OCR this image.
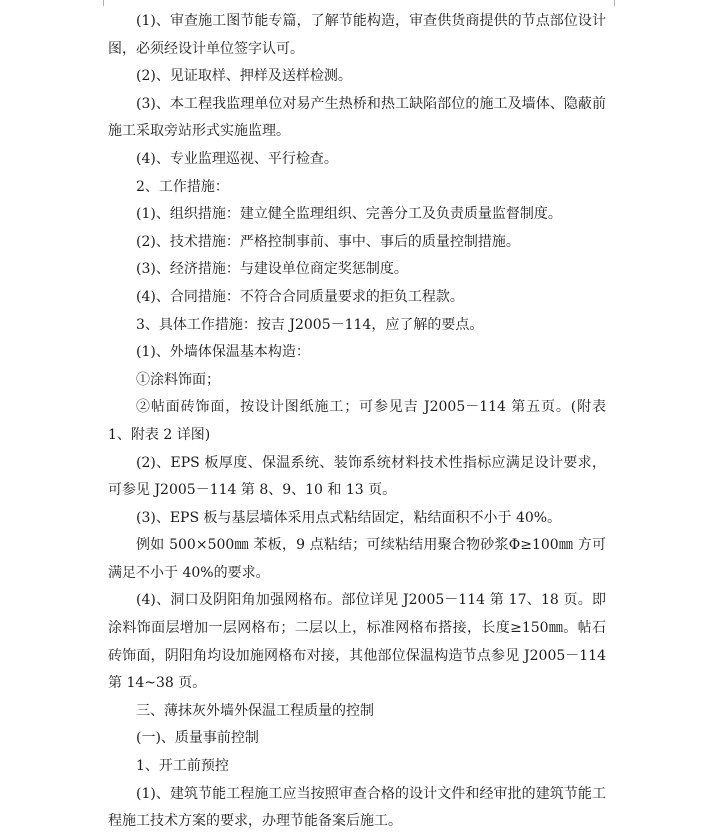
(1)、审查施工图节能专篇，了解节能构造，审查供货商提供的节点部位设计图，必须经设计单位签字认可。

(2)、见证取样、押样及送样检测。

(3)、本工程我监理单位对易产生热桥和热工缺陷部位的施工及墙体、隐蔽前施工采取旁站形式实施监理。

(4)、专业监理巡视、平行检查。

2、工作措施：

(1)、组织措施：建立健全监理组织、完善分工及负责质量监督制度。

(2)、技术措施：严格控制事前、事中、事后的质量控制措施。

(3)、经济措施：与建设单位商定奖惩制度。

(4)、合同措施：不符合合同质量要求的拒负工程款。

3、具体工作措施：按吉 J2005－114，应了解的要点。

(1)、外墙体保温基本构造：

①涂料饰面；

②帖面砖饰面，按设计图纸施工；可参见吉 J2005－114 第五页。(附表 1、附表 2 详图)

(2)、EPS 板厚度、保温系统、装饰系统材料技术性指标应满足设计要求，可参见 J2005－114 第 8、9、10 和 13 页。

(3)、EPS 板与基层墙体采用点式粘结固定，粘结面积不小于 40%。

例如 500×500㎜ 苯板，9 点粘结；可续粘结用聚合物砂浆Φ≥100㎜ 方可满足不小于 40%的要求。

(4)、洞口及阴阳角加强网格布。部位详见 J2005－114 第 17、18 页。即涂料饰面层增加一层网格布；二层以上，标准网格布搭接，长度≥150㎜。帖石砖饰面，阴阳角均设加施网格布对接，其他部位保温构造节点参见 J2005－114 第 14~38 页。

三、薄抹灰外墙外保温工程质量的控制

(一)、质量事前控制

1、开工前预控

(1)、建筑节能工程施工应当按照审查合格的设计文件和经审批的建筑节能工程施工技术方案的要求，办理节能备案后施工。
